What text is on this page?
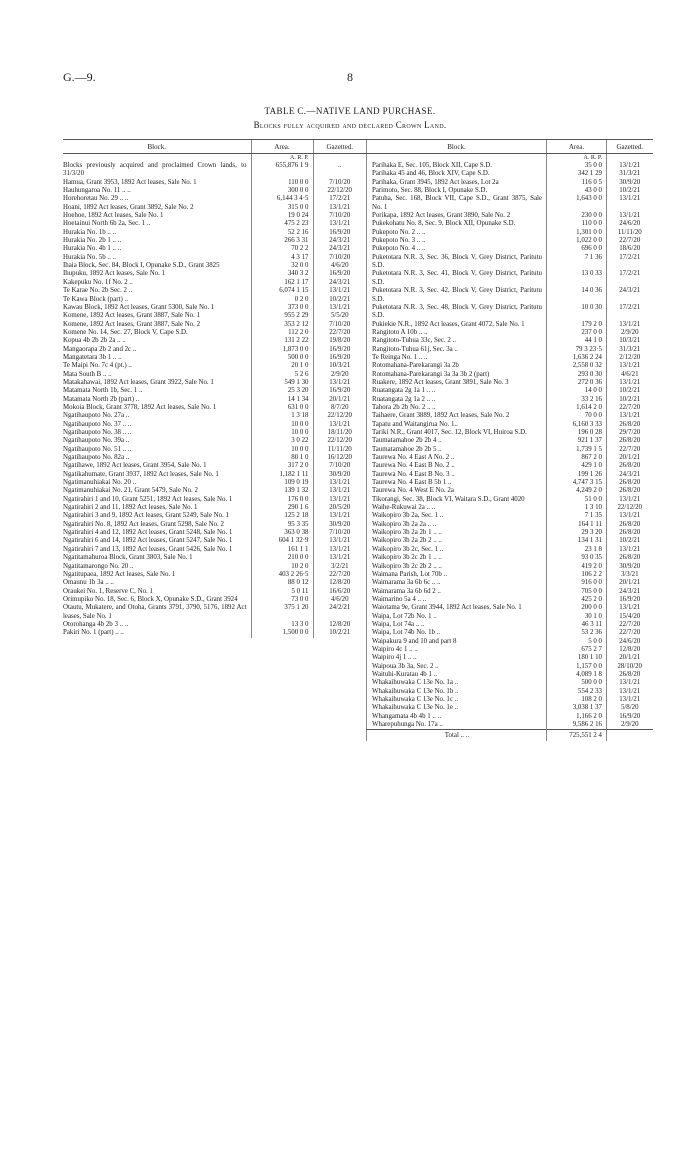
G.—9.	8
TABLE C.—NATIVE LAND PURCHASE.
Blocks fully acquired and declared Crown Land.
Block.	Area.	Gazetted.
	A. R. P.	
Blocks previously acquired and proclaimed Crown lands, to 31/3/20	655,876 1 9	..
Hamua, Grant 3953, 1892 Act leases, Sale No. 1	110 0 0	7/10/20
Hauhungaroa No. 11 .. ..	300 0 0	22/12/20
Horehoretau No. 29 .. ..	6,144 3 4·5	17/2/21
Hoani, 1892 Act leases, Grant 3892, Sale No. 2	315 0 0	13/1/21
Hoehoe, 1892 Act leases, Sale No. 1	19 0 24	7/10/20
Hoetainui North 6b 2a, Sec. 1 ..	475 2 23	13/1/21
Hurakia No. 1b .. ..	52 2 16	16/9/20
Hurakia No. 2b 1 .. ..	266 3 31	24/3/21
Hurakia No. 4b 1 .. ..	70 2 2	24/3/21
Hurakia No. 5b .. ..	4 3 17	7/10/20
Ihaia Block, Sec. 84, Block I, Opunake S.D., Grant 3825	32 0 0	4/6/20
Ihupuku, 1892 Act leases, Sale No. 1	340 3 2	16/9/20
Kakepuku No. 1f No. 2 ..	162 1 17	24/3/21
Te Karae No. 2b Sec. 2 ..	6,074 1 15	13/1/21
Te Kawa Block (part) ..	0 2 0	10/2/21
Kawau Block, 1892 Act leases, Grant 5300, Sale No. 1	373 0 0	13/1/21
Komene, 1892 Act leases, Grant 3887, Sale No. 1	955 2 29	5/5/20
Komene, 1892 Act leases, Grant 3887, Sale No. 2	353 2 12	7/10/20
Komene No. 14, Sec. 27, Block V, Cape S.D.	112 2 0	22/7/20
Kopua 4b 2b 2b 2a .. ..	131 2 22	19/8/20
Mangaorapa 2b 2 and 2c ..	1,873 0 0	16/9/20
Mangatetara 3b 1 .. ..	500 0 0	16/9/20
Te Maipi No. 7c 4 (pt.) ..	20 1 0	10/3/21
Mata South B .. ..	5 2 6	2/9/20
Matakahawai, 1892 Act leases, Grant 3922, Sale No. 1	549 1 30	13/1/21
Matamata North 1b, Sec. 1 ..	25 3 20	16/9/20
Matamata North 2b (part) ..	14 1 34	20/1/21
Mokoia Block, Grant 3778, 1892 Act leases, Sale No. 1	631 0 0	8/7/20
Ngatihaupoto No. 27a ..	1 3 18	22/12/20
Ngatihaupoto No. 37 .. ..	10 0 0	13/1/21
Ngatihaupoto No. 38 .. ..	10 0 0	18/11/20
Ngatihaupoto No. 39a ..	3 0 22	22/12/20
Ngatihaupoto No. 51 .. ..	10 0 0	11/11/20
Ngatihaupoto No. 82a ..	80 1 0	16/12/20
Ngatihawe, 1892 Act leases, Grant 3954, Sale No. 1	317 2 0	7/10/20
Ngatikahumate, Grant 3937, 1892 Act leases, Sale No. 1	1,182 1 11	30/9/20
Ngatimanuhiakai No. 20 ..	109 0 19	13/1/21
Ngatimanuhiakai No. 21, Grant 5479, Sale No. 2	139 1 32	13/1/21
Ngatirahiri 1 and 10, Grant 5251, 1892 Act leases, Sale No. 1	176 0 0	13/1/21
Ngatirahiri 2 and 11, 1892 Act leases, Sale No. 1	290 1 6	20/5/20
Ngatirahiri 3 and 9, 1892 Act leases, Grant 5249, Sale No. 1	125 2 18	13/1/21
Ngatirahiri No. 8, 1892 Act leases, Grant 5298, Sale No. 2	95 3 35	30/9/20
Ngatirahiri 4 and 12, 1892 Act leases, Grant 5248, Sale No. 1	363 0 38	7/10/20
Ngatirahiri 6 and 14, 1892 Act leases, Grant 5247, Sale No. 1	604 1 32·9	13/1/21
Ngatirahiri 7 and 13, 1892 Act leases, Grant 5426, Sale No. 1	161 1 1	13/1/21
Ngatitamahuroa Block, Grant 3803, Sale No. 1	210 0 0	13/1/21
Ngatitamarongo No. 20 ..	10 2 0	3/2/21
Ngatitupaea, 1892 Act leases, Sale No. 1	403 2 26·5	22/7/20
Omaunu 1b 3a .. ..	88 0 12	12/8/20
Oraukei No. 1, Reserve C, No. 1	5 0 11	16/6/20
Orimupiko No. 18, Sec. 6, Block X, Opunake S.D., Grant 3924	73 0 0	4/6/20
Otautu, Mukatere, and Otoha, Grants 3791, 3790, 5176, 1892 Act leases, Sale No. 1	375 1 20	24/2/21
Otorohanga 4b 2b 3 .. ..	13 3 0	12/8/20
Pakiri No. 1 (part) .. ..	1,500 0 0	10/2/21
Block.	Area.	Gazetted.
	A. R. P.	
Parihaka E, Sec. 105, Block XII, Cape S.D.	35 0 0	13/1/21
Parihaka 45 and 46, Block XIV, Cape S.D.	342 1 29	31/3/21
Parihaka, Grant 3945, 1892 Act leases, Lot 2a	116 0 5	30/9/20
Parimoto, Sec. 88, Block I, Opunake S.D.	43 0 0	10/2/21
Patuha, Sec. 168, Block VII, Cape S.D., Grant 3875, Sale No. 1	1,643 0 0	13/1/21
Porikapa, 1892 Act leases, Grant 3890, Sale No. 2	230 0 0	13/1/21
Pukekohatu No. 8, Sec. 9, Block XII, Opunake S.D.	110 0 0	24/6/20
Pukepoto No. 2 .. ..	1,301 0 0	11/11/20
Pukepoto No. 3 .. ..	1,022 0 0	22/7/20
Pukepoto No. 4 .. ..	696 0 0	18/6/20
Puketotara N.R. 3, Sec. 36, Block V, Grey District, Paritutu S.D.	7 1 36	17/2/21
Puketotara N.R. 3, Sec. 41, Block V, Grey District, Paritutu S.D.	13 0 33	17/2/21
Puketotara N.R. 3, Sec. 42, Block V, Grey District, Paritutu S.D.	14 0 36	24/3/21
Puketotara N.R. 3, Sec. 48, Block V, Grey District, Paritutu S.D.	10 0 30	17/2/21
Pukiekie N.R., 1892 Act leases, Grant 4072, Sale No. 1	179 2 0	13/1/21
Rangitoto A 10b .. ..	237 0 0	2/9/20
Rangitoto-Tuhua 33c, Sec. 2 ..	44 1 0	10/3/21
Rangitoto-Tuhua 61j, Sec. 3a ..	79 3 23·5	31/3/21
Te Reinga No. 1 .. ..	1,636 2 24	2/12/20
Rotomahana-Parekarangi 3a 2b	2,558 0 32	13/1/21
Rotomahana-Parekarangi 3a 3a 3b 2 (part)	293 0 30	4/6/21
Ruakere, 1892 Act leases, Grant 3891, Sale No. 3	272 0 36	13/1/21
Ruatangata 2g 1a 1 .. ..	14 0 0	10/2/21
Ruatangata 2g 1a 2 .. ..	33 2 16	10/2/21
Tahora 2b 2b No. 2 .. ..	1,614 2 0	22/7/20
Taihaere, Grant 3889, 1892 Act leases, Sale No. 2	70 0 0	13/1/21
Tapatu and Waitangirua No. 1..	6,160 3 33	26/8/20
Tariki N.R., Grant 4017, Sec. 12, Block VI, Huiroa S.D.	196 0 28	29/7/20
Taumatamahoe 2b 2b 4 ..	921 1 37	26/8/20
Taumatamahoe 2b 2b 5 ..	1,739 1 5	22/7/20
Taurewa No. 4 East A No. 2 ..	867 2 0	20/1/21
Taurewa No. 4 East B No. 2 ..	429 1 0	26/8/20
Taurewa No. 4 East B No. 3 ..	199 1 26	24/3/21
Taurewa No. 4 East B 5b 1 ..	4,747 3 15	26/8/20
Taurewa No. 4 West E No. 2a	4,249 2 0	26/8/20
Tikorangi, Sec. 38, Block VI, Waitara S.D., Grant 4020	51 0 0	13/1/21
Waihe-Rukuwai 2a .. ..	1 3 10	22/12/20
Waikopiro 3b 2a, Sec. 1 ..	7 1 35	13/1/21
Waikopiro 3b 2a 2a .. ..	164 1 11	26/8/20
Waikopiro 3b 2a 2b 1 .. ..	29 3 20	26/8/20
Waikopiro 3b 2a 2b 2 .. ..	134 1 31	10/2/21
Waikopiro 3b 2c, Sec. 1 ..	23 1 8	13/1/21
Waikopiro 3b 2c 2b 1 .. ..	93 0 35	26/8/20
Waikopiro 3b 2c 2b 2 .. ..	419 2 0	30/9/20
Waimana Parish, Lot 70b ..	106 2 2	3/3/21
Waimarama 3a 6b 6c .. ..	916 0 0	20/1/21
Waimarama 3a 6b 6d 2 ..	705 0 0	24/3/21
Waimarino 5a 4 .. ..	425 2 0	16/9/20
Waiotama 9e, Grant 3944, 1892 Act leases, Sale No. 1	200 0 0	13/1/21
Waipa, Lot 72b No. 1 ..	30 1 0	15/4/20
Waipa, Lot 74a .. ..	46 3 11	22/7/20
Waipa, Lot 74b No. 1b ..	53 2 36	22/7/20
Waipakura 9 and 10 and part 8	5 0 0	24/6/20
Waipiro 4c 1 .. ..	675 2 7	12/8/20
Waipiro 4j 1 .. ..	180 1 10	20/1/21
Waipoua 3b 3a, Sec. 2 ..	1,157 0 0	28/10/20
Waituhi-Kuratau 4b 1 ..	4,089 1 8	26/8/20
Whakaihuwaka C 13e No. 1a ..	500 0 0	13/1/21
Whakaihuwaka C 13e No. 1b ..	554 2 33	13/1/21
Whakaihuwaka C 13e No. 1c ..	108 2 0	13/1/21
Whakaihuwaka C 13e No. 1e ..	3,038 1 37	5/8/20
Whangamata 4b 4b 1 .. ..	1,166 2 0	16/9/20
Wharepuhunga No. 17a ..	9,586 2 16	2/9/20
Total .. ..	725,551 2 4	
